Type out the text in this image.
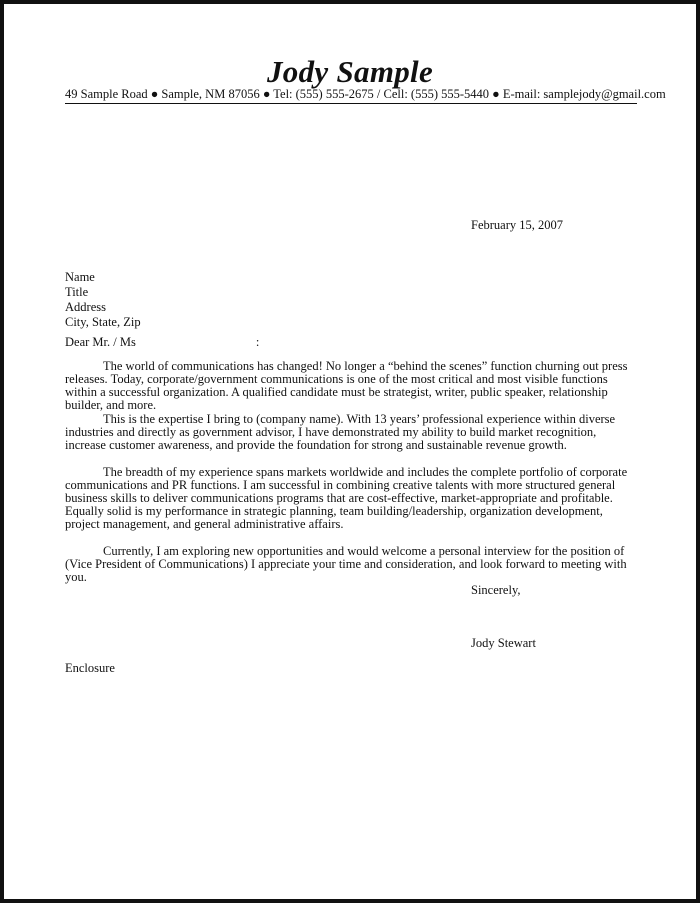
Jody Sample
49 Sample Road ● Sample, NM 87056 ● Tel: (555) 555-2675 / Cell: (555) 555-5440 ● E-mail: samplejody@gmail.com
February 15, 2007
Name
Title
Address
City, State, Zip
Dear Mr. / Ms	:
The world of communications has changed! No longer a “behind the scenes” function churning out press releases. Today, corporate/government communications is one of the most critical and most visible functions within a successful organization. A qualified candidate must be strategist, writer, public speaker, relationship builder, and more.
This is the expertise I bring to (company name). With 13 years’ professional experience within diverse industries and directly as government advisor, I have demonstrated my ability to build market recognition, increase customer awareness, and provide the foundation for strong and sustainable revenue growth.
The breadth of my experience spans markets worldwide and includes the complete portfolio of corporate communications and PR functions. I am successful in combining creative talents with more structured general business skills to deliver communications programs that are cost-effective, market-appropriate and profitable. Equally solid is my performance in strategic planning, team building/leadership, organization development, project management, and general administrative affairs.
Currently, I am exploring new opportunities and would welcome a personal interview for the position of (Vice President of Communications) I appreciate your time and consideration, and look forward to meeting with you.
Sincerely,
Jody Stewart
Enclosure
